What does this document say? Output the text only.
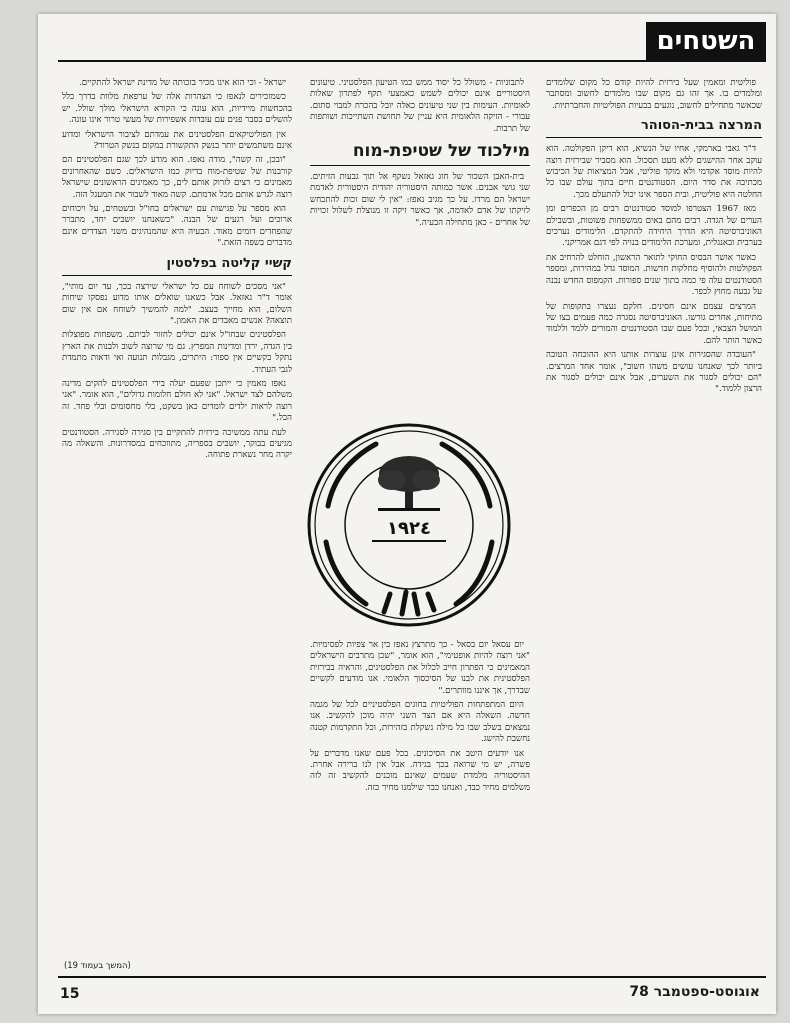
השטחים

פוליטית ומאמין שעל בירזית להיות קודם כל מקום שלומדים ומלמדים בו. אך זהו גם מקום שבו מלמדים לחשוב ומסתבר שכאשר מתחילים לחשוב, נוגעים בבעיות הפוליטיות והחברתיות.

המרצה בבית-הסוהר

ד"ר גאבי בארמקי, אחיו של הנשיא, הוא דיקן הפקולטה. הוא עוקב אחר ההישגים ללא מעט תסכול. הוא מסביר שבירזית רוצה להיות מוסד אקדמי ולא מוקד פוליטי, אבל המציאות של הכיבוש מכתיבה את סדר היום. הסטודנטים חיים בתוך עולם שבו כל החלטה היא פוליטית, ובית הספר אינו יכול להתעלם מכך.

מאז 1967 הצטרפו למוסד סטודנטים רבים מן הכפרים ומן הערים של הגדה. רבים מהם באים ממשפחות פשוטות, ובשבילם האוניברסיטה היא הדרך היחידה להתקדם. הלימודים נערכים בערבית ובאנגלית, ומערכת הלימודים בנויה לפי דגם אמריקני.

כאשר אושר הבסיס החוקי לתואר הראשון, הוחלט להרחיב את הפקולטות ולהוסיף מחלקות חדשות. המוסד גדל במהירות, ומספר הסטודנטים עלה פי כמה בתוך שנים ספורות. הקמפוס החדש נבנה על גבעה מחוץ לכפר.

המרצים עצמם אינם חסינים. חלקם נעצרו בתקופות של מתיחות, אחרים גורשו. האוניברסיטה נסגרה כמה פעמים בצו של המושל הצבאי, ובכל פעם שבו הסטודנטים והמורים ללמד וללמוד כאשר הותר להם.

"העובדה שהסגירות אינן עוצרות אותנו היא ההוכחה הטובה ביותר לכך שאנחנו עושים משהו חשוב", אומר אחד המרצים. "הם יכולים לסגור את השערים, אבל אינם יכולים לסגור את הרצון ללמוד."

לתבוניות - משולל כל יסוד ממש כמו הטיעון הפלסטיני. טיעונים היסטוריים אינם יכולים לשמש כאמצעי תקף לפתרון שאלות לאומיות. העימות בין שני טיעונים כאלה יובל בהכרח למבוי סתום. עבורי - הזיקה הלאומית היא עניין של תחושת השתייכות ושותפות של תרבות.

מילכוד של שטיפת-מוח

בית-האבן השכור של חוג גאזאל נשקף אל תוך גבעות הזיתים. שני גושי אבנים. אשר כמותה היסטוריה יהודית היסטורית לאדמת ישראל הם מרדו. על כך מגיב נאפז: "אין לי שום זכות להתכחש לזיקתו של אדם לאדמה, אך כאשר זיקה זו מנוצלת לשלול זכויות של אחרים - כאן מתחילה הבעיה."

١٩٢٤

יום עסאל יום בסאל - כך מתרצץ נאפז בין אר צפיות לפסימיות. "אני רוצה להיות אופטימי", הוא אומר, "שכן מתרבים הישראלים המאמינים כי הפתרון חייב לכלול את הפלסטינים, והראיה בבירזית הפלסטינית את לבנו של הסיכסוך הלאומי. אנו מודעים לקשיים שבדרך, אך איננו מוותרים."

היום המתפתחות הפוליטיות בחוגים הפלסטיניים לכל של מגמה חדשה. השאלה היא אם הצד השני יהיה מוכן להקשיב. אנו נמצאים בשלב שבו כל מילה נשקלת בזהירות, וכל התקדמות קטנה נחשבת להישג.

אנו יודעים היטב את הסיכונים. בכל פעם שאנו מדברים על פשרה, יש מי שרואה בכך בגידה. אבל אין לנו ברירה אחרת. ההיסטוריה מלמדת שעמים שאינם מוכנים להקשיב זה לזה משלמים מחיר כבד, ואנחנו כבר שילמנו מחיר כזה.

ישראל - וכי הוא אינו מכיר בזכותה של מדינת ישראל להתקיים.

כשמזכירים לנאפז כי הצהרות אלה של ערפאת מלוות בדרך כלל בהכחשות מיידיות, הוא עונה כי הקורא הישראלי מולך שולל. יש להשלים בסבר פנים עם עובדות אשפירות של מעשי טרור אינו עונה.

אין הפוליטיקאים הפלסטינים את עמדתם לציבור הישראלי ומדוע אינם משתמשים יותר בנשק התקשורת במקום בנשק הטרור?

"ובכן, זה קשה", מודה נאפז. הוא מודע לכך שגם הפלסטינים הם קורבנות של שטיפת-מוח בדיוק כמו הישראלים. כשם שהאחרונים מאמינים כי רצים לזרוק אותם לים, כך מאמינים הראשונים שישראל רוצה לגרש אותם מכל אדמתם. קשה מאוד לשבור את המעגל הזה.

הוא מספר על פגישות עם ישראלים בחו"ל ובשטחים, על ויכוחים ארוכים ועל רגעים של הבנה. "כשאנחנו יושבים יחד, מתברר שהפחדים דומים מאוד. הבעיה היא שהמנהיגים משני הצדדים אינם מדברים בשפה הזאת."

קשיי קליטה בפלסטין

"אני מסכים לשוחח עם כל ישראלי שירצה בכך, עד יום מותי", אומר ד"ר גאזאל. אבל כשאנו שואלים אותו מדוע נפסקו שיחות השלום, הוא מחייך בעצב. "למה להמשיך לשוחח אם אין שום תוצאה? אנשים מאבדים את האמון."

הפלסטינים שבחו"ל אינם יכולים לחזור לביתם. משפחות מפוצלות בין הגדה, ירדן ומדינות המפרץ. גם מי שרוצה לשוב ולבנות את הארץ נתקל בקשיים אין ספור: היתרים, מגבלות תנועה ואי ודאות מתמדת לגבי העתיד.

נאפז מאמין כי ייתכן שפעם יעלה בידי הפלסטינים להקים מדינה משלהם לצד ישראל. "אני לא חולם חלומות גדולים", הוא אומר. "אני רוצה לראות ילדים לומדים כאן בשקט, בלי מחסומים ובלי פחד. זה הכל."

לעת עתה ממשיכה בירזית להתקיים בין סגירה לסגירה. הסטודנטים מגיעים בבוקר, יושבים בספריה, מתווכחים במסדרונות. והשאלה מה יקרה מחר נשארת פתוחה.

(המשך בעמוד 19)
15	אוגוסט-ספטמבר 78
